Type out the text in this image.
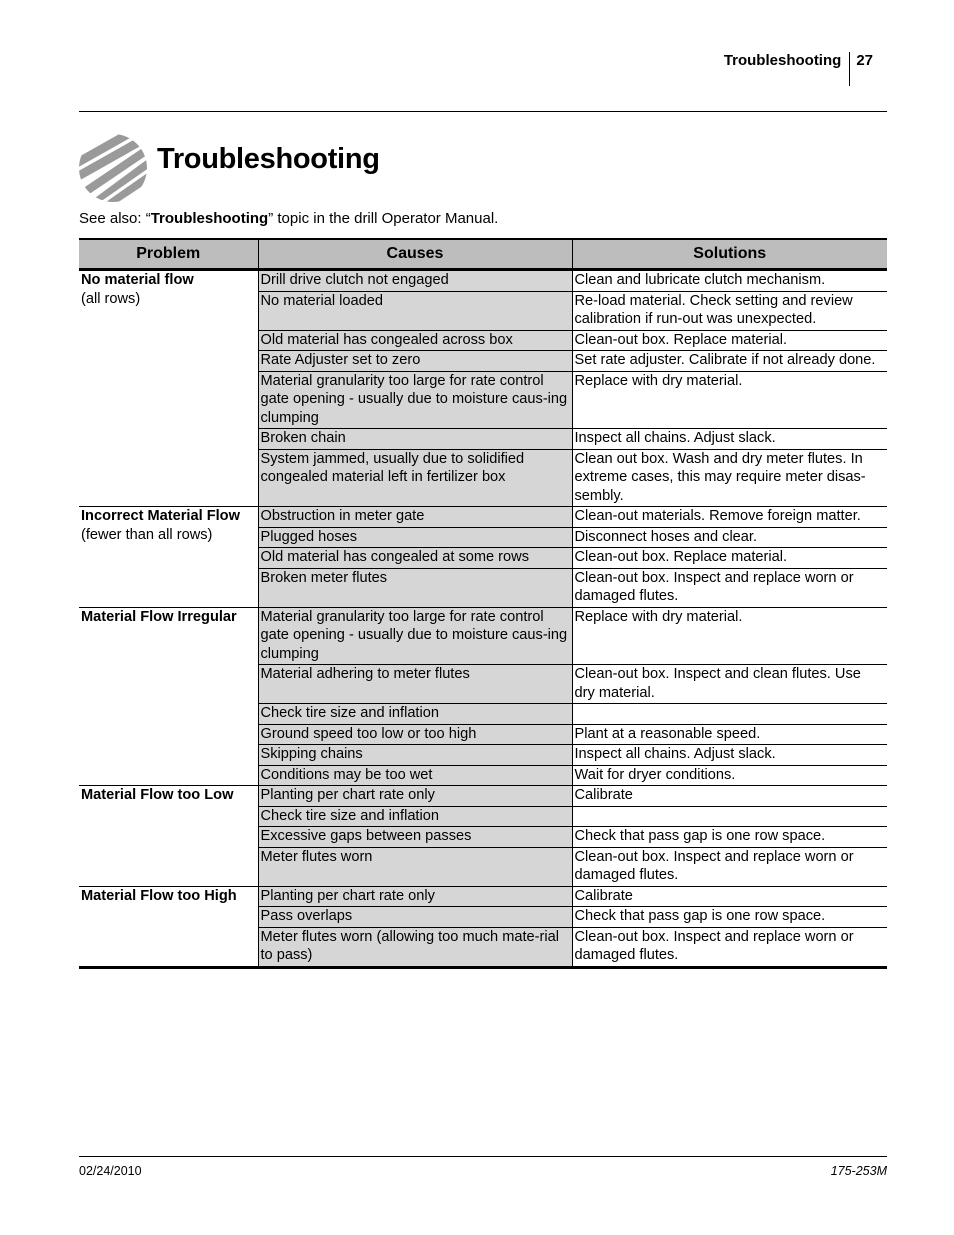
Troubleshooting	27
Troubleshooting
See also: “Troubleshooting” topic in the drill Operator Manual.
Problem	Causes	Solutions

No material flow
(all rows)	Drill drive clutch not engaged	Clean and lubricate clutch mechanism.
	No material loaded	Re-load material. Check setting and review calibration if run-out was unexpected.
	Old material has congealed across box	Clean-out box. Replace material.
	Rate Adjuster set to zero	Set rate adjuster. Calibrate if not already done.
	Material granularity too large for rate control gate opening - usually due to moisture caus-ing clumping	Replace with dry material.
	Broken chain	Inspect all chains. Adjust slack.
	System jammed, usually due to solidified congealed material left in fertilizer box	Clean out box. Wash and dry meter flutes. In extreme cases, this may require meter disas-sembly.

Incorrect Material Flow
(fewer than all rows)	Obstruction in meter gate	Clean-out materials. Remove foreign matter.
	Plugged hoses	Disconnect hoses and clear.
	Old material has congealed at some rows	Clean-out box. Replace material.
	Broken meter flutes	Clean-out box. Inspect and replace worn or damaged flutes.

Material Flow Irregular	Material granularity too large for rate control gate opening - usually due to moisture caus-ing clumping	Replace with dry material.
	Material adhering to meter flutes	Clean-out box. Inspect and clean flutes. Use dry material.
	Check tire size and inflation	
	Ground speed too low or too high	Plant at a reasonable speed.
	Skipping chains	Inspect all chains. Adjust slack.
	Conditions may be too wet	Wait for dryer conditions.

Material Flow too Low	Planting per chart rate only	Calibrate
	Check tire size and inflation	
	Excessive gaps between passes	Check that pass gap is one row space.
	Meter flutes worn	Clean-out box. Inspect and replace worn or damaged flutes.

Material Flow too High	Planting per chart rate only	Calibrate
	Pass overlaps	Check that pass gap is one row space.
	Meter flutes worn (allowing too much mate-rial to pass)	Clean-out box. Inspect and replace worn or damaged flutes.
02/24/2010	175-253M
